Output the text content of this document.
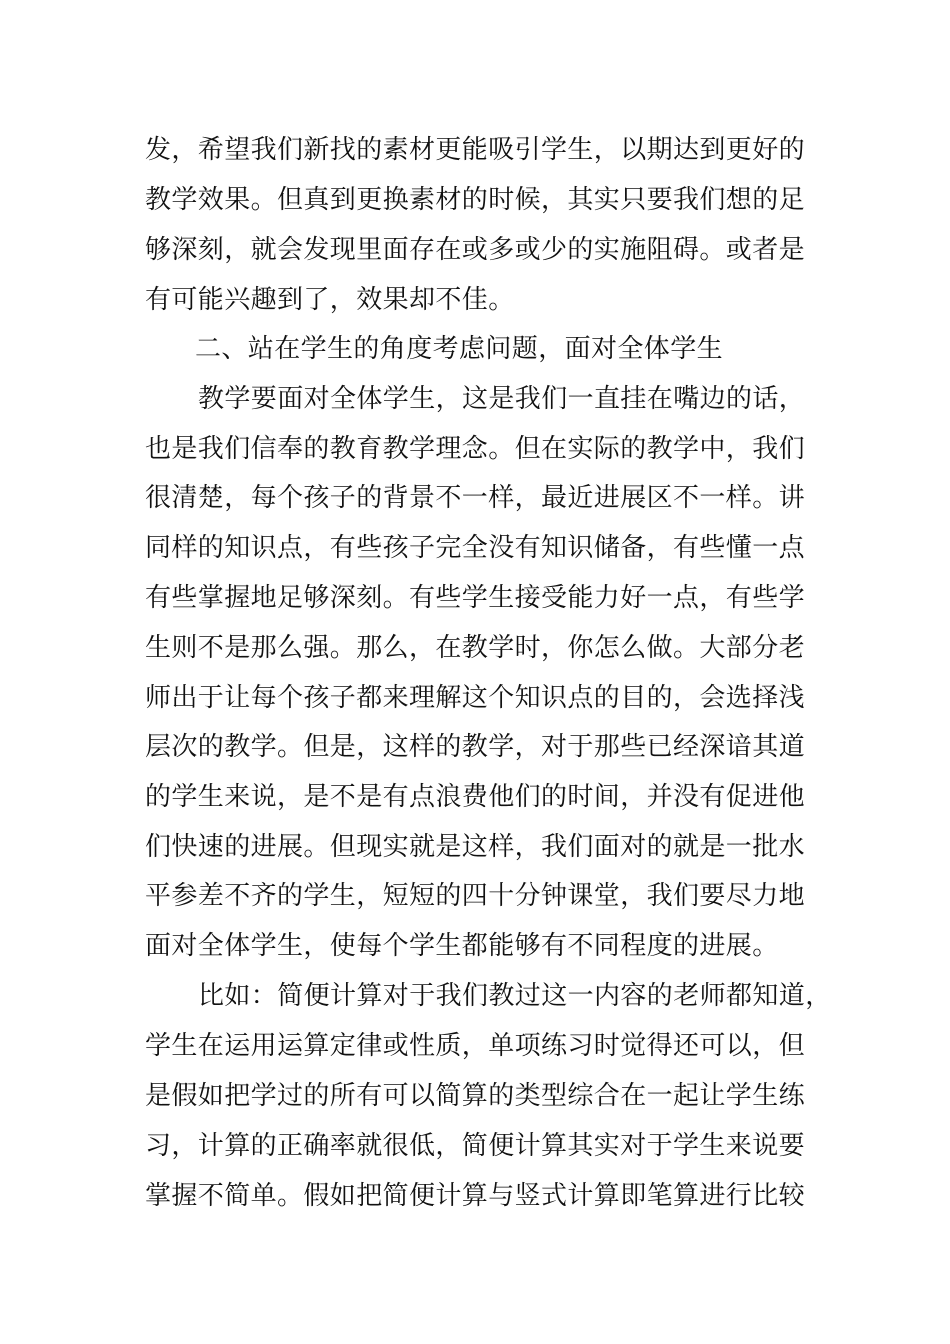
发，希望我们新找的素材更能吸引学生，以期达到更好的
教学效果。但真到更换素材的时候，其实只要我们想的足
够深刻，就会发现里面存在或多或少的实施阻碍。或者是
有可能兴趣到了，效果却不佳。
二、站在学生的角度考虑问题，面对全体学生
教学要面对全体学生，这是我们一直挂在嘴边的话，
也是我们信奉的教育教学理念。但在实际的教学中，我们
很清楚，每个孩子的背景不一样，最近进展区不一样。讲
同样的知识点，有些孩子完全没有知识储备，有些懂一点
有些掌握地足够深刻。有些学生接受能力好一点，有些学
生则不是那么强。那么，在教学时，你怎么做。大部分老
师出于让每个孩子都来理解这个知识点的目的，会选择浅
层次的教学。但是，这样的教学，对于那些已经深谙其道
的学生来说，是不是有点浪费他们的时间，并没有促进他
们快速的进展。但现实就是这样，我们面对的就是一批水
平参差不齐的学生，短短的四十分钟课堂，我们要尽力地
面对全体学生，使每个学生都能够有不同程度的进展。
比如：简便计算对于我们教过这一内容的老师都知道，
学生在运用运算定律或性质，单项练习时觉得还可以，但
是假如把学过的所有可以简算的类型综合在一起让学生练
习，计算的正确率就很低，简便计算其实对于学生来说要
掌握不简单。假如把简便计算与竖式计算即笔算进行比较
